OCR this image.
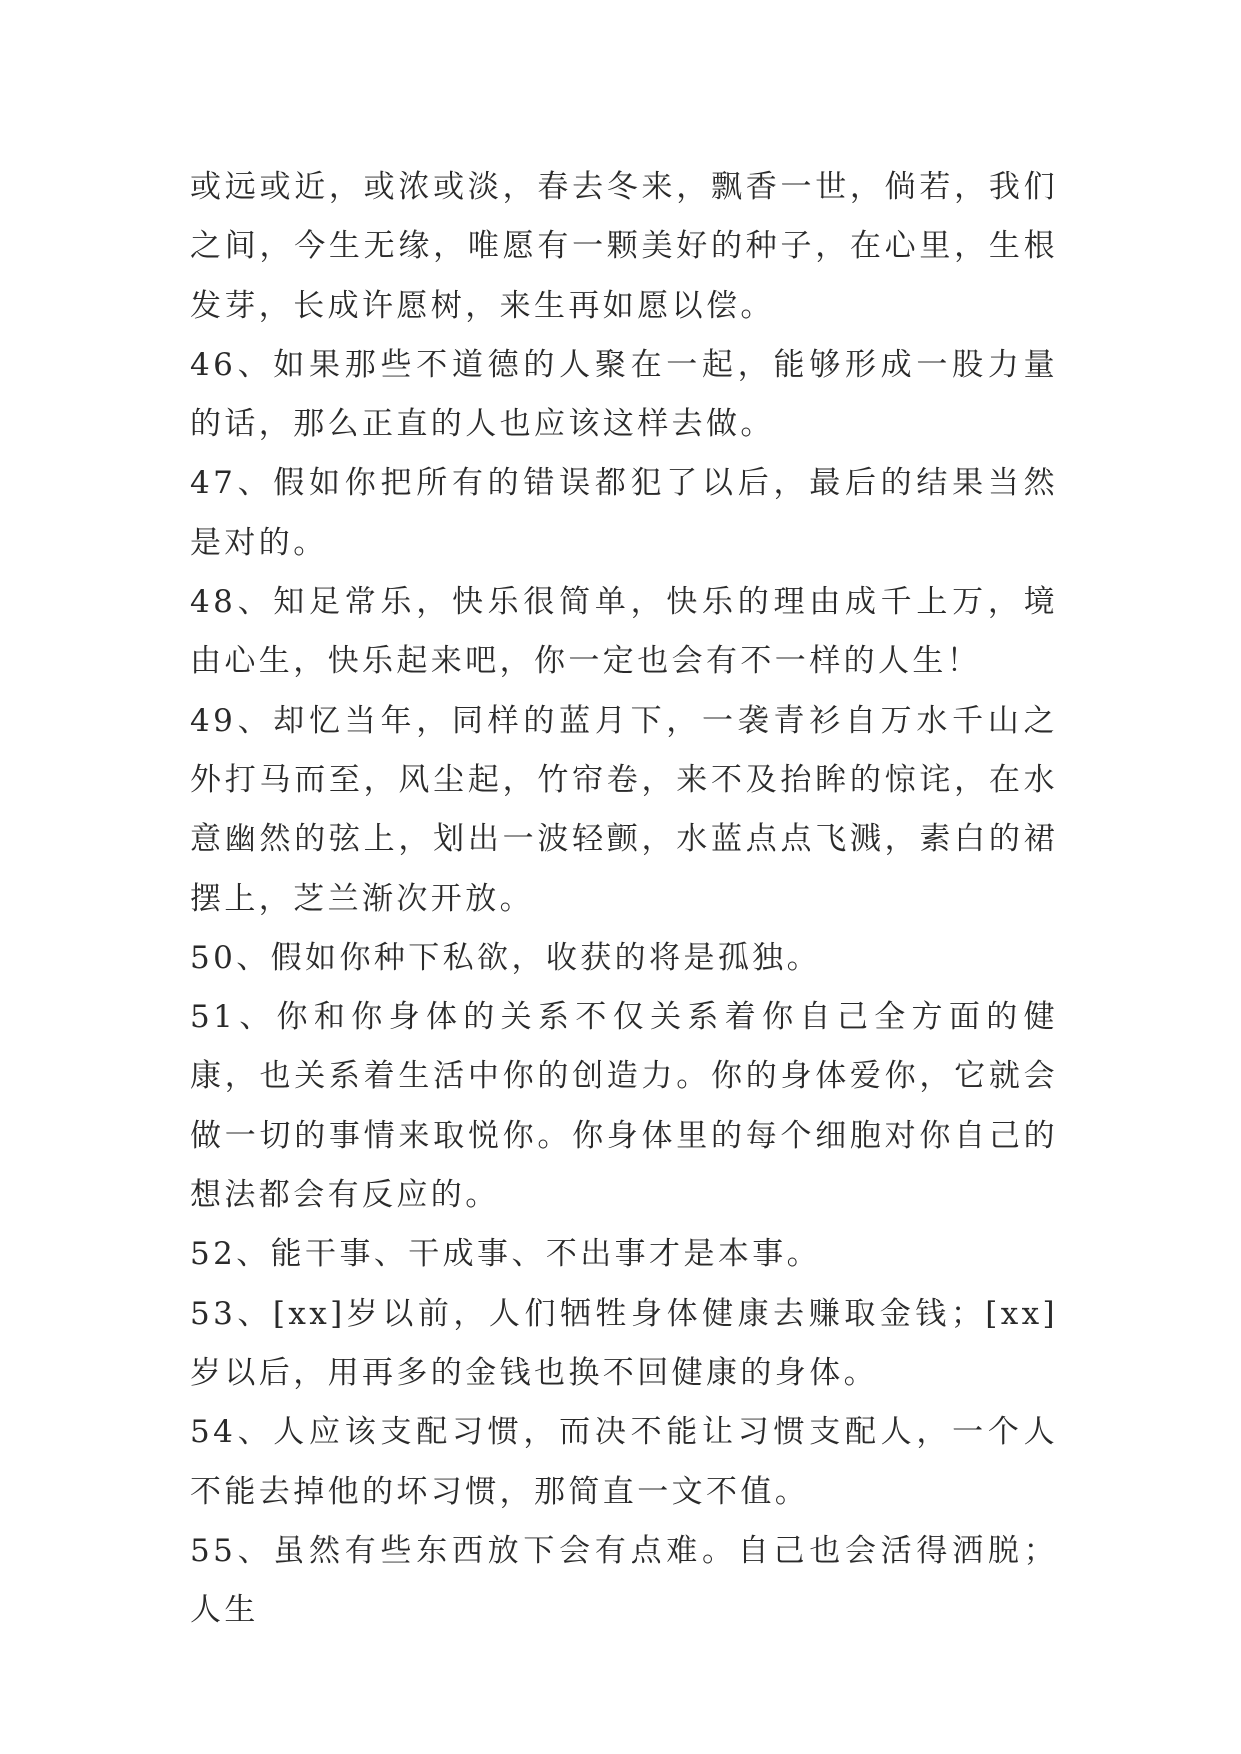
或远或近，或浓或淡，春去冬来，飘香一世，倘若，我们之间，今生无缘，唯愿有一颗美好的种子，在心里，生根发芽，长成许愿树，来生再如愿以偿。

46、如果那些不道德的人聚在一起，能够形成一股力量的话，那么正直的人也应该这样去做。

47、假如你把所有的错误都犯了以后，最后的结果当然是对的。

48、知足常乐，快乐很简单，快乐的理由成千上万，境由心生，快乐起来吧，你一定也会有不一样的人生！

49、却忆当年，同样的蓝月下，一袭青衫自万水千山之外打马而至，风尘起，竹帘卷，来不及抬眸的惊诧，在水意幽然的弦上，划出一波轻颤，水蓝点点飞溅，素白的裙摆上，芝兰渐次开放。

50、假如你种下私欲，收获的将是孤独。

51、你和你身体的关系不仅关系着你自己全方面的健康，也关系着生活中你的创造力。你的身体爱你，它就会做一切的事情来取悦你。你身体里的每个细胞对你自己的想法都会有反应的。

52、能干事、干成事、不出事才是本事。

53、[xx]岁以前，人们牺牲身体健康去赚取金钱；[xx]岁以后，用再多的金钱也换不回健康的身体。

54、人应该支配习惯，而决不能让习惯支配人，一个人不能去掉他的坏习惯，那简直一文不值。

55、虽然有些东西放下会有点难。自己也会活得洒脱；人生
